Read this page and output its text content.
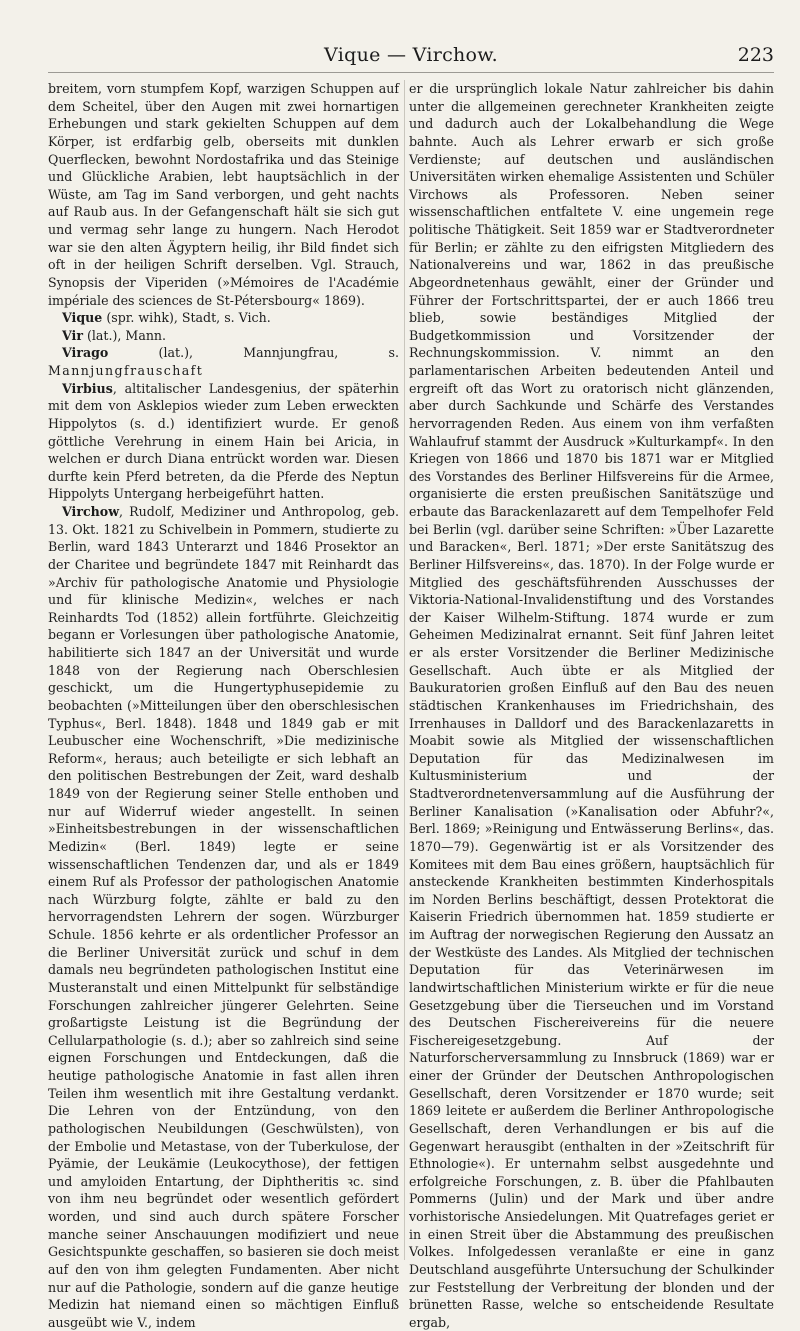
Vique — Virchow.	223

breitem, vorn stumpfem Kopf, warzigen Schuppen auf dem Scheitel, über den Augen mit zwei hornartigen Erhebungen und stark gekielten Schuppen auf dem Körper, ist erdfarbig gelb, oberseits mit dunklen Querflecken, bewohnt Nordostafrika und das Steinige und Glückliche Arabien, lebt hauptsächlich in der Wüste, am Tag im Sand verborgen, und geht nachts auf Raub aus. In der Gefangenschaft hält sie sich gut und vermag sehr lange zu hungern. Nach Herodot war sie den alten Ägyptern heilig, ihr Bild findet sich oft in der heiligen Schrift derselben. Vgl. Strauch, Synopsis der Viperiden (»Mémoires de l'Académie impériale des sciences de St-Pétersbourg« 1869).

Vique (spr. wihk), Stadt, s. Vich.

Vir (lat.), Mann.

Virago (lat.), Mannjungfrau, s. Mannjungfrauschaft

Virbius, altitalischer Landesgenius, der späterhin mit dem von Asklepios wieder zum Leben erweckten Hippolytos (s. d.) identifiziert wurde. Er genoß göttliche Verehrung in einem Hain bei Aricia, in welchen er durch Diana entrückt worden war. Diesen durfte kein Pferd betreten, da die Pferde des Neptun Hippolyts Untergang herbeigeführt hatten.

Virchow, Rudolf, Mediziner und Anthropolog, geb. 13. Okt. 1821 zu Schivelbein in Pommern, studierte zu Berlin, ward 1843 Unterarzt und 1846 Prosektor an der Charitee und begründete 1847 mit Reinhardt das »Archiv für pathologische Anatomie und Physiologie und für klinische Medizin«, welches er nach Reinhardts Tod (1852) allein fortführte. Gleichzeitig begann er Vorlesungen über pathologische Anatomie, habilitierte sich 1847 an der Universität und wurde 1848 von der Regierung nach Oberschlesien geschickt, um die Hungertyphusepidemie zu beobachten (»Mitteilungen über den oberschlesischen Typhus«, Berl. 1848). 1848 und 1849 gab er mit Leubuscher eine Wochenschrift, »Die medizinische Reform«, heraus; auch beteiligte er sich lebhaft an den politischen Bestrebungen der Zeit, ward deshalb 1849 von der Regierung seiner Stelle enthoben und nur auf Widerruf wieder angestellt. In seinen »Einheitsbestrebungen in der wissenschaftlichen Medizin« (Berl. 1849) legte er seine wissenschaftlichen Tendenzen dar, und als er 1849 einem Ruf als Professor der pathologischen Anatomie nach Würzburg folgte, zählte er bald zu den hervorragendsten Lehrern der sogen. Würzburger Schule. 1856 kehrte er als ordentlicher Professor an die Berliner Universität zurück und schuf in dem damals neu begründeten pathologischen Institut eine Musteranstalt und einen Mittelpunkt für selbständige Forschungen zahlreicher jüngerer Gelehrten. Seine großartigste Leistung ist die Begründung der Cellularpathologie (s. d.); aber so zahlreich sind seine eignen Forschungen und Entdeckungen, daß die heutige pathologische Anatomie in fast allen ihren Teilen ihm wesentlich mit ihre Gestaltung verdankt. Die Lehren von der Entzündung, von den pathologischen Neubildungen (Geschwülsten), von der Embolie und Metastase, von der Tuberkulose, der Pyämie, der Leukämie (Leukocythose), der fettigen und amyloiden Entartung, der Diphtheritis ꝛc. sind von ihm neu begründet oder wesentlich gefördert worden, und sind auch durch spätere Forscher manche seiner Anschauungen modifiziert und neue Gesichtspunkte geschaffen, so basieren sie doch meist auf den von ihm gelegten Fundamenten. Aber nicht nur auf die Pathologie, sondern auf die ganze heutige Medizin hat niemand einen so mächtigen Einfluß ausgeübt wie V., indem

er die ursprünglich lokale Natur zahlreicher bis dahin unter die allgemeinen gerechneter Krankheiten zeigte und dadurch auch der Lokalbehandlung die Wege bahnte. Auch als Lehrer erwarb er sich große Verdienste; auf deutschen und ausländischen Universitäten wirken ehemalige Assistenten und Schüler Virchows als Professoren. Neben seiner wissenschaftlichen entfaltete V. eine ungemein rege politische Thätigkeit. Seit 1859 war er Stadtverordneter für Berlin; er zählte zu den eifrigsten Mitgliedern des Nationalvereins und war, 1862 in das preußische Abgeordnetenhaus gewählt, einer der Gründer und Führer der Fortschrittspartei, der er auch 1866 treu blieb, sowie beständiges Mitglied der Budgetkommission und Vorsitzender der Rechnungskommission. V. nimmt an den parlamentarischen Arbeiten bedeutenden Anteil und ergreift oft das Wort zu oratorisch nicht glänzenden, aber durch Sachkunde und Schärfe des Verstandes hervorragenden Reden. Aus einem von ihm verfaßten Wahlaufruf stammt der Ausdruck »Kulturkampf«. In den Kriegen von 1866 und 1870 bis 1871 war er Mitglied des Vorstandes des Berliner Hilfsvereins für die Armee, organisierte die ersten preußischen Sanitätszüge und erbaute das Barackenlazarett auf dem Tempelhofer Feld bei Berlin (vgl. darüber seine Schriften: »Über Lazarette und Baracken«, Berl. 1871; »Der erste Sanitätszug des Berliner Hilfsvereins«, das. 1870). In der Folge wurde er Mitglied des geschäftsführenden Ausschusses der Viktoria-National-Invalidenstiftung und des Vorstandes der Kaiser Wilhelm-Stiftung. 1874 wurde er zum Geheimen Medizinalrat ernannt. Seit fünf Jahren leitet er als erster Vorsitzender die Berliner Medizinische Gesellschaft. Auch übte er als Mitglied der Baukuratorien großen Einfluß auf den Bau des neuen städtischen Krankenhauses im Friedrichshain, des Irrenhauses in Dalldorf und des Barackenlazaretts in Moabit sowie als Mitglied der wissenschaftlichen Deputation für das Medizinalwesen im Kultusministerium und der Stadtverordnetenversammlung auf die Ausführung der Berliner Kanalisation (»Kanalisation oder Abfuhr?«, Berl. 1869; »Reinigung und Entwässerung Berlins«, das. 1870—79). Gegenwärtig ist er als Vorsitzender des Komitees mit dem Bau eines größern, hauptsächlich für ansteckende Krankheiten bestimmten Kinderhospitals im Norden Berlins beschäftigt, dessen Protektorat die Kaiserin Friedrich übernommen hat. 1859 studierte er im Auftrag der norwegischen Regierung den Aussatz an der Westküste des Landes. Als Mitglied der technischen Deputation für das Veterinärwesen im landwirtschaftlichen Ministerium wirkte er für die neue Gesetzgebung über die Tierseuchen und im Vorstand des Deutschen Fischereivereins für die neuere Fischereigesetzgebung. Auf der Naturforscherversammlung zu Innsbruck (1869) war er einer der Gründer der Deutschen Anthropologischen Gesellschaft, deren Vorsitzender er 1870 wurde; seit 1869 leitete er außerdem die Berliner Anthropologische Gesellschaft, deren Verhandlungen er bis auf die Gegenwart herausgibt (enthalten in der »Zeitschrift für Ethnologie«). Er unternahm selbst ausgedehnte und erfolgreiche Forschungen, z. B. über die Pfahlbauten Pommerns (Julin) und der Mark und über andre vorhistorische Ansiedelungen. Mit Quatrefages geriet er in einen Streit über die Abstammung des preußischen Volkes. Infolgedessen veranlaßte er eine in ganz Deutschland ausgeführte Untersuchung der Schulkinder zur Feststellung der Verbreitung der blonden und der brünetten Rasse, welche so entscheidende Resultate ergab,
